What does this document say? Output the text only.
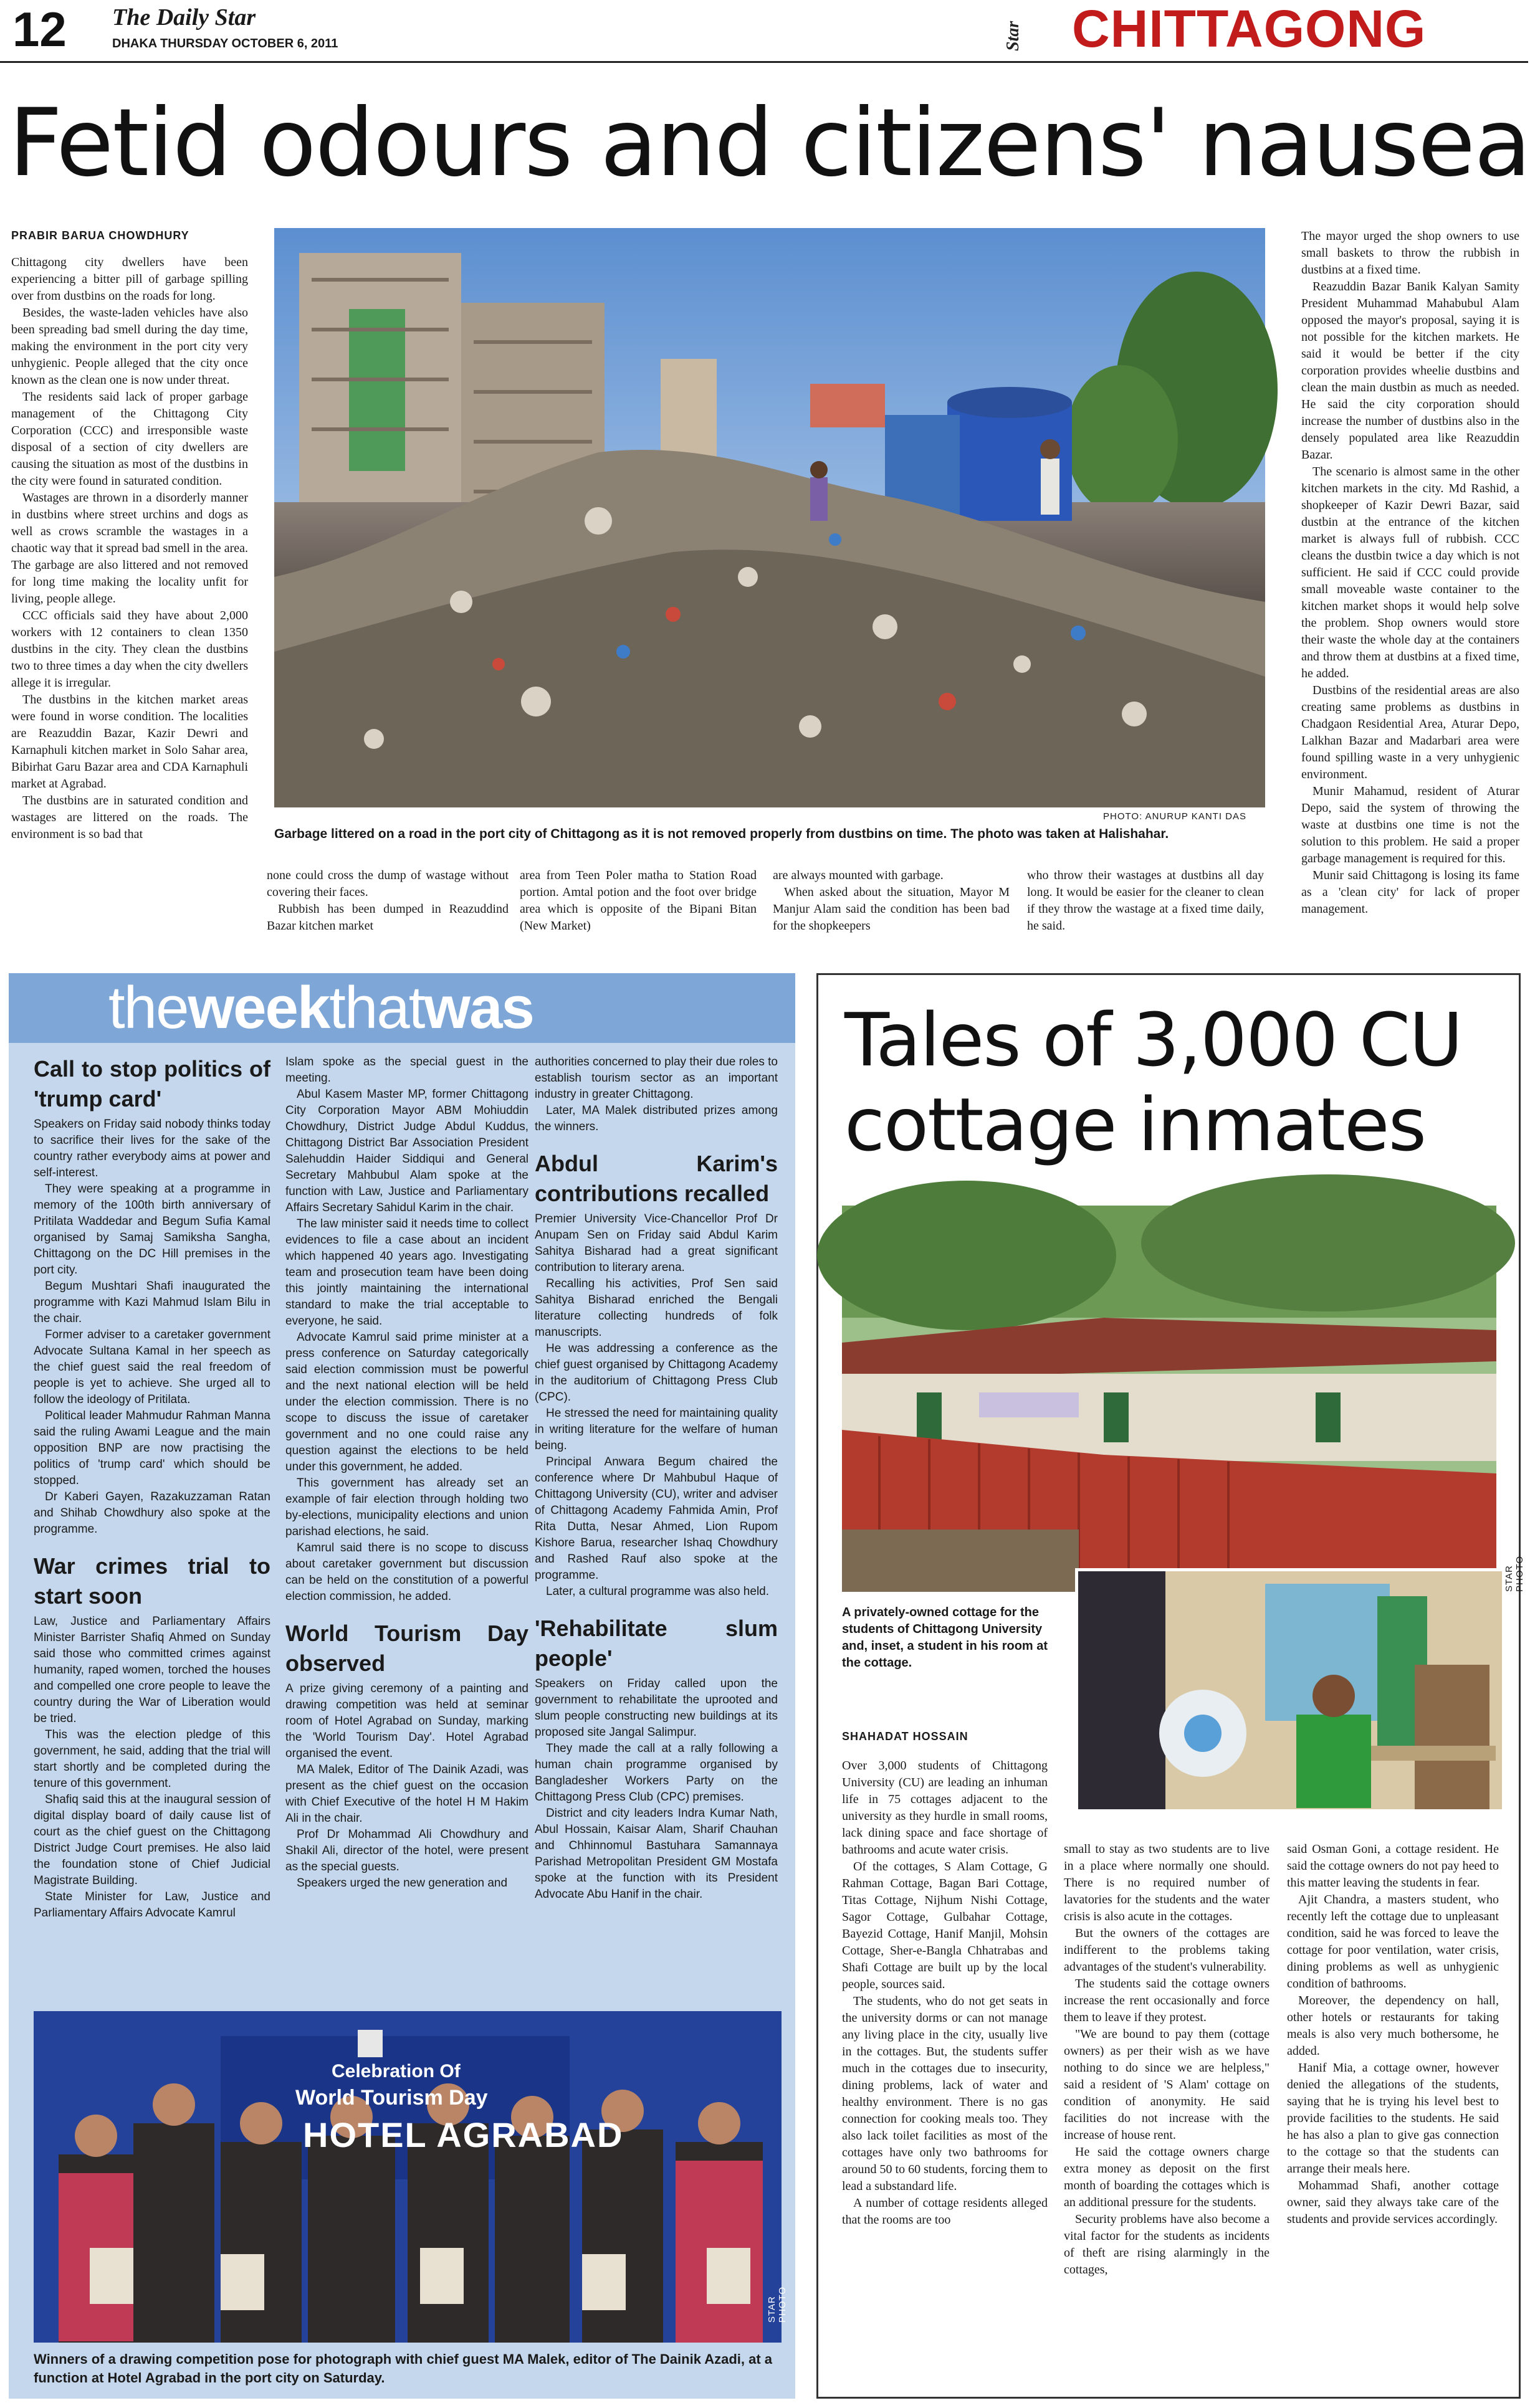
12 The Daily Star
DHAKA THURSDAY OCTOBER 6, 2011	Star CHITTAGONG
Fetid odours and citizens' nausea
PRABIR BARUA CHOWDHURY

Chittagong city dwellers have been experiencing a bitter pill of garbage spilling over from dustbins on the roads for long.

Besides, the waste-laden vehicles have also been spreading bad smell during the day time, making the environment in the port city very unhygienic. People alleged that the city once known as the clean one is now under threat.

The residents said lack of proper garbage management of the Chittagong City Corporation (CCC) and irresponsible waste disposal of a section of city dwellers are causing the situation as most of the dustbins in the city were found in saturated condition.

Wastages are thrown in a disorderly manner in dustbins where street urchins and dogs as well as crows scramble the wastages in a chaotic way that it spread bad smell in the area. The garbage are also littered and not removed for long time making the locality unfit for living, people allege.

CCC officials said they have about 2,000 workers with 12 containers to clean 1350 dustbins in the city. They clean the dustbins two to three times a day when the city dwellers allege it is irregular.

The dustbins in the kitchen market areas were found in worse condition. The localities are Reazuddin Bazar, Kazir Dewri and Karnaphuli kitchen market in Solo Sahar area, Bibirhat Garu Bazar area and CDA Karnaphuli market at Agrabad.

The dustbins are in saturated condition and wastages are littered on the roads. The environment is so bad that

PHOTO: ANURUP KANTI DAS
Garbage littered on a road in the port city of Chittagong as it is not removed properly from dustbins on time. The photo was taken at Halishahar.

none could cross the dump of wastage without covering their faces.

Rubbish has been dumped in Reazuddind Bazar kitchen market

area from Teen Poler matha to Station Road portion. Amtal potion and the foot over bridge area which is opposite of the Bipani Bitan (New Market)

are always mounted with garbage.

When asked about the situation, Mayor M Manjur Alam said the condition has been bad for the shopkeepers

who throw their wastages at dustbins all day long. It would be easier for the cleaner to clean if they throw the wastage at a fixed time daily, he said.

The mayor urged the shop owners to use small baskets to throw the rubbish in dustbins at a fixed time.

Reazuddin Bazar Banik Kalyan Samity President Muhammad Mahabubul Alam opposed the mayor's proposal, saying it is not possible for the kitchen markets. He said it would be better if the city corporation provides wheelie dustbins and clean the main dustbin as much as needed. He said the city corporation should increase the number of dustbins also in the densely populated area like Reazuddin Bazar.

The scenario is almost same in the other kitchen markets in the city. Md Rashid, a shopkeeper of Kazir Dewri Bazar, said dustbin at the entrance of the kitchen market is always full of rubbish. CCC cleans the dustbin twice a day which is not sufficient. He said if CCC could provide small moveable waste container to the kitchen market shops it would help solve the problem. Shop owners would store their waste the whole day at the containers and throw them at dustbins at a fixed time, he added.

Dustbins of the residential areas are also creating same problems as dustbins in Chadgaon Residential Area, Aturar Depo, Lalkhan Bazar and Madarbari area were found spilling waste in a very unhygienic environment.

Munir Mahamud, resident of Aturar Depo, said the system of throwing the waste at dustbins one time is not the solution to this problem. He said a proper garbage management is required for this.

Munir said Chittagong is losing its fame as a 'clean city' for lack of proper management.

theweekthatwas
Call to stop politics of 'trump card'

Speakers on Friday said nobody thinks today to sacrifice their lives for the sake of the country rather everybody aims at power and self-interest.

They were speaking at a programme in memory of the 100th birth anniversary of Pritilata Waddedar and Begum Sufia Kamal organised by Samaj Samiksha Sangha, Chittagong on the DC Hill premises in the port city.

Begum Mushtari Shafi inaugurated the programme with Kazi Mahmud Islam Bilu in the chair.

Former adviser to a caretaker government Advocate Sultana Kamal in her speech as the chief guest said the real freedom of people is yet to achieve. She urged all to follow the ideology of Pritilata.

Political leader Mahmudur Rahman Manna said the ruling Awami League and the main opposition BNP are now practising the politics of 'trump card' which should be stopped.

Dr Kaberi Gayen, Razakuzzaman Ratan and Shihab Chowdhury also spoke at the programme.

War crimes trial to start soon

Law, Justice and Parliamentary Affairs Minister Barrister Shafiq Ahmed on Sunday said those who committed crimes against humanity, raped women, torched the houses and compelled one crore people to leave the country during the War of Liberation would be tried.

This was the election pledge of this government, he said, adding that the trial will start shortly and be completed during the tenure of this government.

Shafiq said this at the inaugural session of digital display board of daily cause list of court as the chief guest on the Chittagong District Judge Court premises. He also laid the foundation stone of Chief Judicial Magistrate Building.

State Minister for Law, Justice and Parliamentary Affairs Advocate Kamrul

Islam spoke as the special guest in the meeting.

Abul Kasem Master MP, former Chittagong City Corporation Mayor ABM Mohiuddin Chowdhury, District Judge Abdul Kuddus, Chittagong District Bar Association President Salehuddin Haider Siddiqui and General Secretary Mahbubul Alam spoke at the function with Law, Justice and Parliamentary Affairs Secretary Sahidul Karim in the chair.

The law minister said it needs time to collect evidences to file a case about an incident which happened 40 years ago. Investigating team and prosecution team have been doing this jointly maintaining the international standard to make the trial acceptable to everyone, he said.

Advocate Kamrul said prime minister at a press conference on Saturday categorically said election commission must be powerful and the next national election will be held under the election commission. There is no scope to discuss the issue of caretaker government and no one could raise any question against the elections to be held under this government, he added.

This government has already set an example of fair election through holding two by-elections, municipality elections and union parishad elections, he said.

Kamrul said there is no scope to discuss about caretaker government but discussion can be held on the constitution of a powerful election commission, he added.

World Tourism Day observed

A prize giving ceremony of a painting and drawing competition was held at seminar room of Hotel Agrabad on Sunday, marking the 'World Tourism Day'. Hotel Agrabad organised the event.

MA Malek, Editor of The Dainik Azadi, was present as the chief guest on the occasion with Chief Executive of the hotel H M Hakim Ali in the chair.

Prof Dr Mohammad Ali Chowdhury and Shakil Ali, director of the hotel, were present as the special guests.

Speakers urged the new generation and

authorities concerned to play their due roles to establish tourism sector as an important industry in greater Chittagong.

Later, MA Malek distributed prizes among the winners.

Abdul Karim's contributions recalled

Premier University Vice-Chancellor Prof Dr Anupam Sen on Friday said Abdul Karim Sahitya Bisharad had a great significant contribution to literary arena.

Recalling his activities, Prof Sen said Sahitya Bisharad enriched the Bengali literature collecting hundreds of folk manuscripts.

He was addressing a conference as the chief guest organised by Chittagong Academy in the auditorium of Chittagong Press Club (CPC).

He stressed the need for maintaining quality in writing literature for the welfare of human being.

Principal Anwara Begum chaired the conference where Dr Mahbubul Haque of Chittagong University (CU), writer and adviser of Chittagong Academy Fahmida Amin, Prof Rita Dutta, Nesar Ahmed, Lion Rupom Kishore Barua, researcher Ishaq Chowdhury and Rashed Rauf also spoke at the programme.

Later, a cultural programme was also held.

'Rehabilitate slum people'

Speakers on Friday called upon the government to rehabilitate the uprooted and slum people constructing new buildings at its proposed site Jangal Salimpur.

They made the call at a rally following a human chain programme organised by Bangladesher Workers Party on the Chittagong Press Club (CPC) premises.

District and city leaders Indra Kumar Nath, Abul Hossain, Kaisar Alam, Sharif Chauhan and Chhinnomul Bastuhara Samannaya Parishad Metropolitan President GM Mostafa spoke at the function with its President Advocate Abu Hanif in the chair.

Celebration Of
World Tourism Day
HOTEL AGRABAD
STAR PHOTO
Winners of a drawing competition pose for photograph with chief guest MA Malek, editor of The Dainik Azadi, at a function at Hotel Agrabad in the port city on Saturday.
Tales of 3,000 CU cottage inmates
STAR PHOTO
A privately-owned cottage for the students of Chittagong University and, inset, a student in his room at the cottage.
SHAHADAT HOSSAIN

Over 3,000 students of Chittagong University (CU) are leading an inhuman life in 75 cottages adjacent to the university as they hurdle in small rooms, lack dining space and face shortage of bathrooms and acute water crisis.

Of the cottages, S Alam Cottage, G Rahman Cottage, Bagan Bari Cottage, Titas Cottage, Nijhum Nishi Cottage, Sagor Cottage, Gulbahar Cottage, Bayezid Cottage, Hanif Manjil, Mohsin Cottage, Sher-e-Bangla Chhatrabas and Shafi Cottage are built up by the local people, sources said.

The students, who do not get seats in the university dorms or can not manage any living place in the city, usually live in the cottages. But, the students suffer much in the cottages due to insecurity, dining problems, lack of water and healthy environment. There is no gas connection for cooking meals too. They also lack toilet facilities as most of the cottages have only two bathrooms for around 50 to 60 students, forcing them to lead a substandard life.

A number of cottage residents alleged that the rooms are too

small to stay as two students are to live in a place where normally one should. There is no required number of lavatories for the students and the water crisis is also acute in the cottages.

But the owners of the cottages are indifferent to the problems taking advantages of the student's vulnerability.

The students said the cottage owners increase the rent occasionally and force them to leave if they protest.

"We are bound to pay them (cottage owners) as per their wish as we have nothing to do since we are helpless," said a resident of 'S Alam' cottage on condition of anonymity. He said facilities do not increase with the increase of house rent.

He said the cottage owners charge extra money as deposit on the first month of boarding the cottages which is an additional pressure for the students.

Security problems have also become a vital factor for the students as incidents of theft are rising alarmingly in the cottages,

said Osman Goni, a cottage resident. He said the cottage owners do not pay heed to this matter leaving the students in fear.

Ajit Chandra, a masters student, who recently left the cottage due to unpleasant condition, said he was forced to leave the cottage for poor ventilation, water crisis, dining problems as well as unhygienic condition of bathrooms.

Moreover, the dependency on hall, other hotels or restaurants for taking meals is also very much bothersome, he added.

Hanif Mia, a cottage owner, however denied the allegations of the students, saying that he is trying his level best to provide facilities to the students. He said he has also a plan to give gas connection to the cottage so that the students can arrange their meals here.

Mohammad Shafi, another cottage owner, said they always take care of the students and provide services accordingly.
